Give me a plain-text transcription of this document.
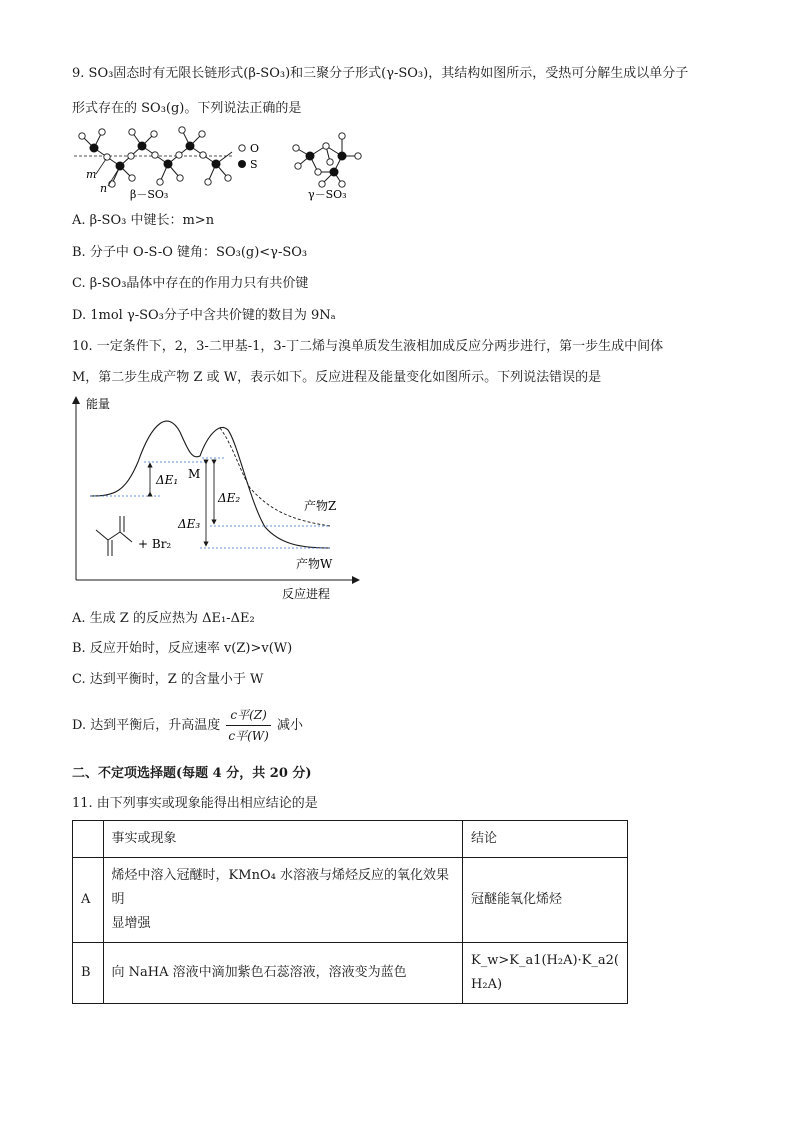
9. SO₃固态时有无限长链形式(β-SO₃)和三聚分子形式(γ-SO₃)，其结构如图所示，受热可分解生成以单分子
形式存在的 SO₃(g)。下列说法正确的是
m
n β－SO₃
O
S
γ－SO₃
A. β-SO₃ 中键长：m>n
B. 分子中 O-S-O 键角：SO₃(g)<γ-SO₃
C. β-SO₃晶体中存在的作用力只有共价键
D. 1mol γ-SO₃分子中含共价键的数目为 9Nₐ
10. 一定条件下，2，3-二甲基-1，3-丁二烯与溴单质发生液相加成反应分两步进行，第一步生成中间体
M，第二步生成产物 Z 或 W，表示如下。反应进程及能量变化如图所示。下列说法错误的是
能量
反应进程
ΔE₁ M
ΔE₂
ΔE₃
产物Z
产物W
+ Br₂
A. 生成 Z 的反应热为 ΔE₁-ΔE₂
B. 反应开始时，反应速率 v(Z)>v(W)
C. 达到平衡时，Z 的含量小于 W
D. 达到平衡后，升高温度 $\frac{\text{c平(Z)}}{\text{c平(W)}}$ 减小
二、不定项选择题(每题 4 分，共 20 分)
11. 由下列事实或现象能得出相应结论的是
	事实或现象	结论
A	烯烃中溶入冠醚时，KMnO₄ 水溶液与烯烃反应的氧化效果明
显增强	冠醚能氧化烯烃
B	向 NaHA 溶液中滴加紫色石蕊溶液，溶液变为蓝色	K_w>K_a1(H₂A)·K_a2(
H₂A)
